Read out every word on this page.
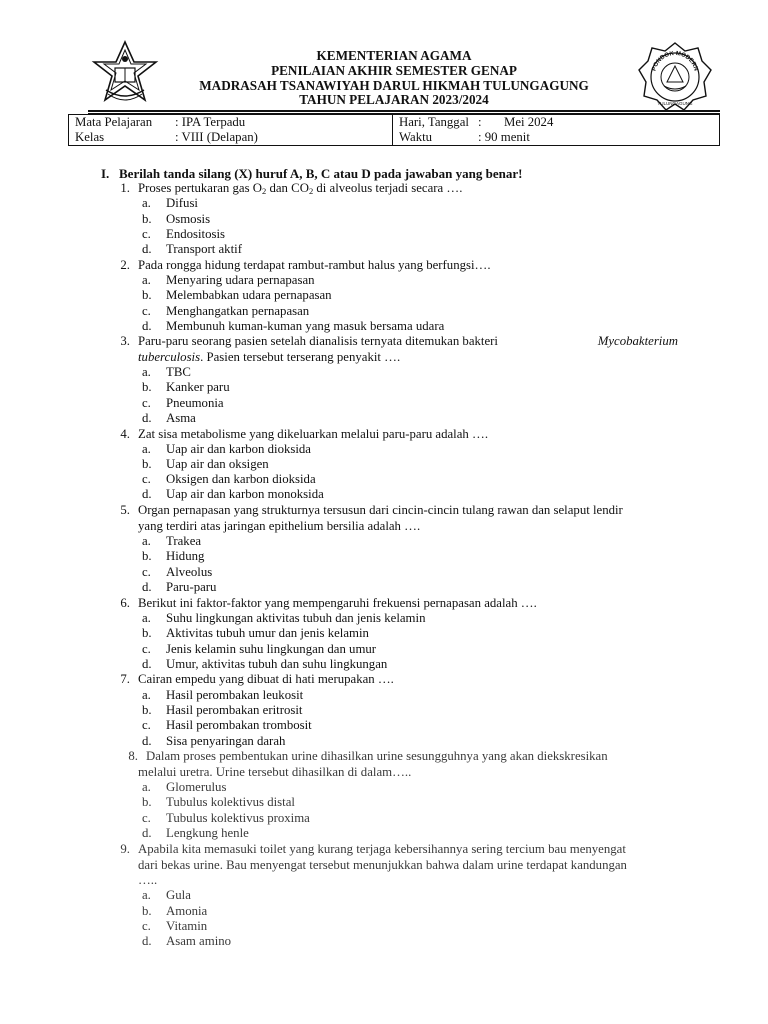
KEMENTERIAN AGAMA
PENILAIAN AKHIR SEMESTER GENAP
MADRASAH TSANAWIYAH DARUL HIKMAH TULUNGAGUNG
TAHUN PELAJARAN 2023/2024
PONDOK MODERN
TULUNGAGUNG
Mata Pelajaran : IPA Terpadu
Kelas	: VIII (Delapan)
Hari, Tanggal :       Mei 2024
Waktu	: 90 menit
I. Berilah tanda silang (X) huruf A, B, C atau D pada jawaban yang benar!
1. Proses pertukaran gas $O_2$ dan $CO_2$ di alveolus terjadi secara ….
a. Difusi
b. Osmosis
c. Endositosis
d. Transport aktif
2. Pada rongga hidung terdapat rambut-rambut halus yang berfungsi….
a. Menyaring udara pernapasan
b. Melembabkan udara pernapasan
c. Menghangatkan pernapasan
d. Membunuh kuman-kuman yang masuk bersama udara
3. Paru-paru seorang pasien setelah dianalisis ternyata ditemukan bakteri	Mycobakterium
tuberculosis. Pasien tersebut terserang penyakit ….
a. TBC
b. Kanker paru
c. Pneumonia
d. Asma
4. Zat sisa metabolisme yang dikeluarkan melalui paru-paru adalah ….
a. Uap air dan karbon dioksida
b. Uap air dan oksigen
c. Oksigen dan karbon dioksida
d. Uap air dan karbon monoksida
5. Organ pernapasan yang strukturnya tersusun dari cincin-cincin tulang rawan dan selaput lendir
yang terdiri atas jaringan epithelium bersilia adalah ….
a. Trakea
b. Hidung
c. Alveolus
d. Paru-paru
6. Berikut ini faktor-faktor yang mempengaruhi frekuensi pernapasan adalah ….
a. Suhu lingkungan aktivitas tubuh dan jenis kelamin
b. Aktivitas tubuh umur dan jenis kelamin
c. Jenis kelamin suhu lingkungan dan umur
d. Umur, aktivitas tubuh dan suhu lingkungan
7. Cairan empedu yang dibuat di hati merupakan ….
a. Hasil perombakan leukosit
b. Hasil perombakan eritrosit
c. Hasil perombakan trombosit
d. Sisa penyaringan darah
8. Dalam proses pembentukan urine dihasilkan urine sesungguhnya yang akan diekskresikan
melalui uretra. Urine tersebut dihasilkan di dalam…..
a. Glomerulus
b. Tubulus kolektivus distal
c. Tubulus kolektivus proxima
d. Lengkung henle
9. Apabila kita memasuki toilet yang kurang terjaga kebersihannya sering tercium bau menyengat
dari bekas urine. Bau menyengat tersebut menunjukkan bahwa dalam urine terdapat kandungan
…..
a. Gula
b. Amonia
c. Vitamin
d. Asam amino
